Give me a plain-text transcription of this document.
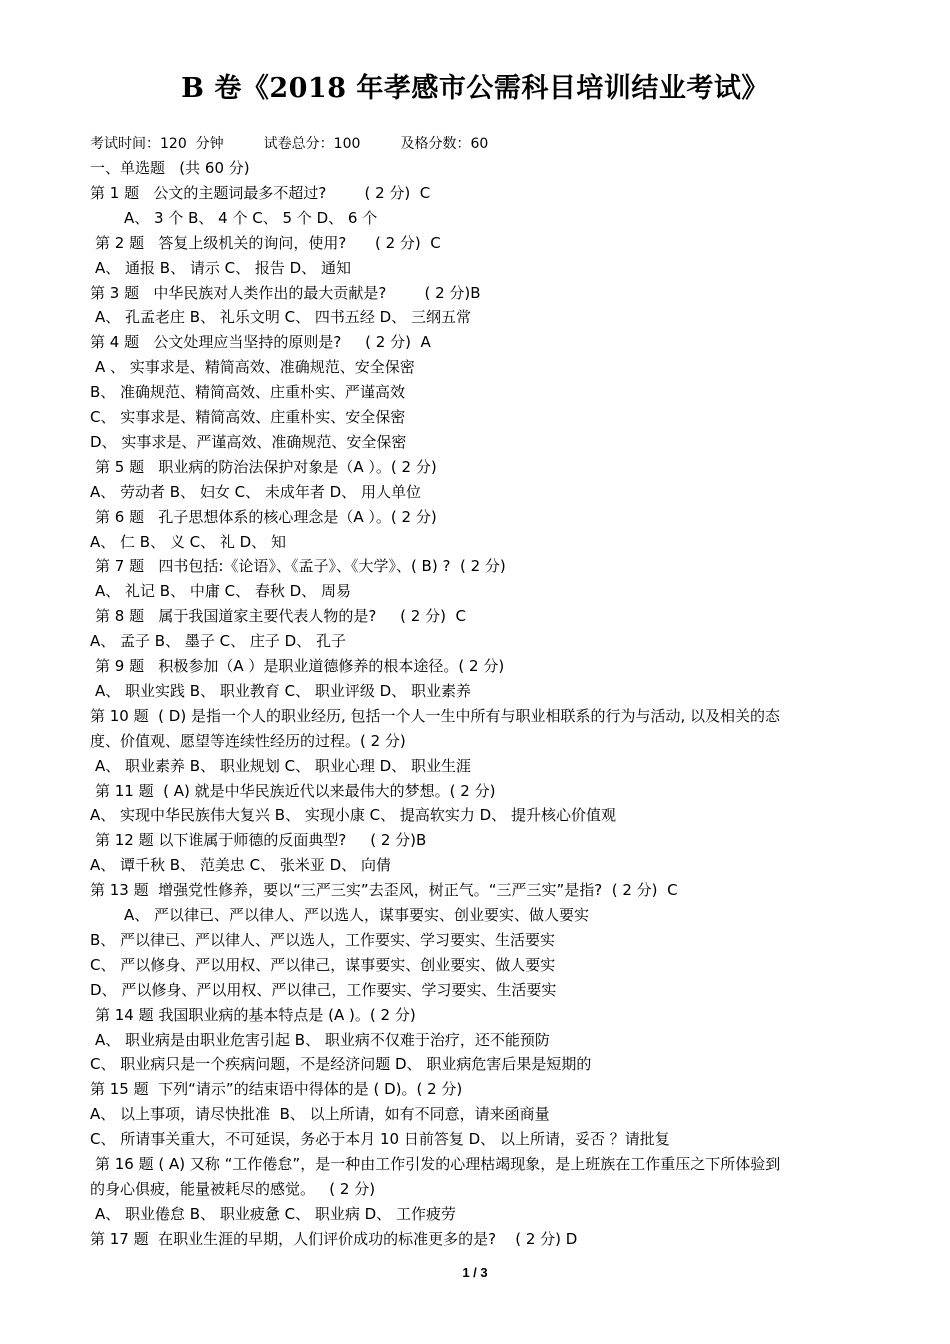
B 卷《2018 年孝感市公需科目培训结业考试》
考试时间：120  分钟         试卷总分：100         及格分数：60
一、单选题   (共 60 分)
第 1 题   公文的主题词最多不超过?        ( 2 分)  C
A、 3 个 B、 4 个 C、 5 个 D、 6 个
第 2 题   答复上级机关的询问，使用?      ( 2 分)  C
A、 通报 B、 请示 C、 报告 D、 通知
第 3 题   中华民族对人类作出的最大贡献是?        ( 2 分)B
A、 孔孟老庄 B、 礼乐文明 C、 四书五经 D、 三纲五常
第 4 题   公文处理应当坚持的原则是?     ( 2 分)  A
A 、 实事求是、精简高效、准确规范、安全保密
B、 准确规范、精简高效、庄重朴实、严谨高效
C、 实事求是、精简高效、庄重朴实、安全保密
D、 实事求是、严谨高效、准确规范、安全保密
第 5 题   职业病的防治法保护对象是（A ）。( 2 分)
A、 劳动者 B、 妇女 C、 未成年者 D、 用人单位
第 6 题   孔子思想体系的核心理念是（A ）。( 2 分)
A、 仁 B、 义 C、 礼 D、 知
第 7 题   四书包括:《论语》、《孟子》、《大学》、( B) ?  ( 2 分)
A、 礼记 B、 中庸 C、 春秋 D、 周易
第 8 题   属于我国道家主要代表人物的是?     ( 2 分)  C
A、 孟子 B、 墨子 C、 庄子 D、 孔子
第 9 题   积极参加（A ）是职业道德修养的根本途径。( 2 分)
A、 职业实践 B、 职业教育 C、 职业评级 D、 职业素养
第 10 题  ( D) 是指一个人的职业经历, 包括一个人一生中所有与职业相联系的行为与活动, 以及相关的态
度、价值观、愿望等连续性经历的过程。( 2 分)
A、 职业素养 B、 职业规划 C、 职业心理 D、 职业生涯
第 11 题  ( A) 就是中华民族近代以来最伟大的梦想。( 2 分)
A、 实现中华民族伟大复兴 B、 实现小康 C、 提高软实力 D、 提升核心价值观
第 12 题 以下谁属于师德的反面典型?     ( 2 分)B
A、 谭千秋 B、 范美忠 C、 张米亚 D、 向倩
第 13 题  增强党性修养，要以“三严三实”去歪风，树正气。“三严三实”是指?  ( 2 分)  C
A、 严以律已、严以律人、严以选人，谋事要实、创业要实、做人要实
B、 严以律已、严以律人、严以选人，工作要实、学习要实、生活要实
C、 严以修身、严以用权、严以律己，谋事要实、创业要实、做人要实
D、 严以修身、严以用权、严以律己，工作要实、学习要实、生活要实
第 14 题 我国职业病的基本特点是 (A )。( 2 分)
A、 职业病是由职业危害引起 B、 职业病不仅难于治疗，还不能预防
C、 职业病只是一个疾病问题，不是经济问题 D、 职业病危害后果是短期的
第 15 题  下列“请示”的结束语中得体的是 ( D)。( 2 分)
A、 以上事项，请尽快批准  B、 以上所请，如有不同意，请来函商量
C、 所请事关重大，不可延误，务必于本月 10 日前答复 D、 以上所请，妥否 ？请批复
第 16 题 ( A) 又称 “工作倦怠”，是一种由工作引发的心理枯竭现象，是上班族在工作重压之下所体验到
的身心俱疲，能量被耗尽的感觉。   ( 2 分)
A、 职业倦怠 B、 职业疲惫 C、 职业病 D、 工作疲劳
第 17 题  在职业生涯的早期，人们评价成功的标准更多的是?    ( 2 分) D
1 / 3
